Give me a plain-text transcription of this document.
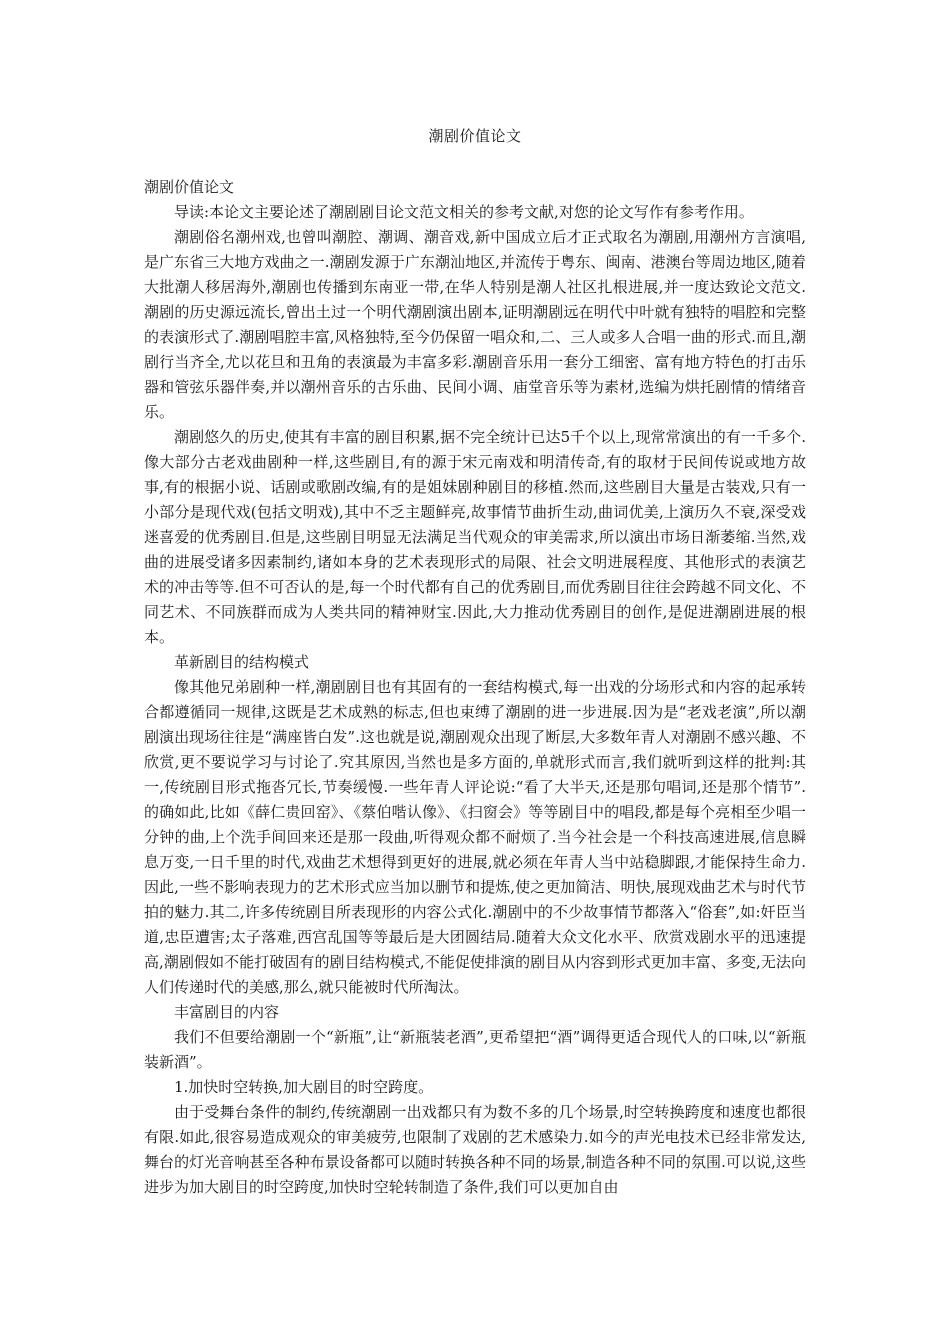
潮剧价值论文

潮剧价值论文

导读:本论文主要论述了潮剧剧目论文范文相关的参考文献,对您的论文写作有参考作用。

潮剧俗名潮州戏,也曾叫潮腔、潮调、潮音戏,新中国成立后才正式取名为潮剧,用潮州方言演唱,是广东省三大地方戏曲之一.潮剧发源于广东潮汕地区,并流传于粤东、闽南、港澳台等周边地区,随着大批潮人移居海外,潮剧也传播到东南亚一带,在华人特别是潮人社区扎根进展,并一度达致论文范文.潮剧的历史源远流长,曾出土过一个明代潮剧演出剧本,证明潮剧远在明代中叶就有独特的唱腔和完整的表演形式了.潮剧唱腔丰富,风格独特,至今仍保留一唱众和,二、三人或多人合唱一曲的形式.而且,潮剧行当齐全,尤以花旦和丑角的表演最为丰富多彩.潮剧音乐用一套分工细密、富有地方特色的打击乐器和管弦乐器伴奏,并以潮州音乐的古乐曲、民间小调、庙堂音乐等为素材,选编为烘托剧情的情绪音乐。

潮剧悠久的历史,使其有丰富的剧目积累,据不完全统计已达5千个以上,现常常演出的有一千多个.像大部分古老戏曲剧种一样,这些剧目,有的源于宋元南戏和明清传奇,有的取材于民间传说或地方故事,有的根据小说、话剧或歌剧改编,有的是姐妹剧种剧目的移植.然而,这些剧目大量是古装戏,只有一小部分是现代戏(包括文明戏),其中不乏主题鲜亮,故事情节曲折生动,曲词优美,上演历久不衰,深受戏迷喜爱的优秀剧目.但是,这些剧目明显无法满足当代观众的审美需求,所以演出市场日渐萎缩.当然,戏曲的进展受诸多因素制约,诸如本身的艺术表现形式的局限、社会文明进展程度、其他形式的表演艺术的冲击等等.但不可否认的是,每一个时代都有自己的优秀剧目,而优秀剧目往往会跨越不同文化、不同艺术、不同族群而成为人类共同的精神财宝.因此,大力推动优秀剧目的创作,是促进潮剧进展的根本。

革新剧目的结构模式

像其他兄弟剧种一样,潮剧剧目也有其固有的一套结构模式,每一出戏的分场形式和内容的起承转合都遵循同一规律,这既是艺术成熟的标志,但也束缚了潮剧的进一步进展.因为是“老戏老演”,所以潮剧演出现场往往是“满座皆白发”.这也就是说,潮剧观众出现了断层,大多数年青人对潮剧不感兴趣、不欣赏,更不要说学习与讨论了.究其原因,当然也是多方面的,单就形式而言,我们就听到这样的批判:其一,传统剧目形式拖沓冗长,节奏缓慢.一些年青人评论说:“看了大半天,还是那句唱词,还是那个情节”.的确如此,比如《薛仁贵回窑》、《蔡伯喈认像》、《扫窗会》等等剧目中的唱段,都是每个亮相至少唱一分钟的曲,上个洗手间回来还是那一段曲,听得观众都不耐烦了.当今社会是一个科技高速进展,信息瞬息万变,一日千里的时代,戏曲艺术想得到更好的进展,就必须在年青人当中站稳脚跟,才能保持生命力.因此,一些不影响表现力的艺术形式应当加以删节和提炼,使之更加简洁、明快,展现戏曲艺术与时代节拍的魅力.其二,许多传统剧目所表现形的内容公式化.潮剧中的不少故事情节都落入“俗套”,如:奸臣当道,忠臣遭害;太子落难,西宫乱国等等最后是大团圆结局.随着大众文化水平、欣赏戏剧水平的迅速提高,潮剧假如不能打破固有的剧目结构模式,不能促使排演的剧目从内容到形式更加丰富、多变,无法向人们传递时代的美感,那么,就只能被时代所淘汰。

丰富剧目的内容

我们不但要给潮剧一个“新瓶”,让“新瓶装老酒”,更希望把“酒”调得更适合现代人的口味,以“新瓶装新酒”。

1.加快时空转换,加大剧目的时空跨度。

由于受舞台条件的制约,传统潮剧一出戏都只有为数不多的几个场景,时空转换跨度和速度也都很有限.如此,很容易造成观众的审美疲劳,也限制了戏剧的艺术感染力.如今的声光电技术已经非常发达,舞台的灯光音响甚至各种布景设备都可以随时转换各种不同的场景,制造各种不同的氛围.可以说,这些进步为加大剧目的时空跨度,加快时空轮转制造了条件,我们可以更加自由
